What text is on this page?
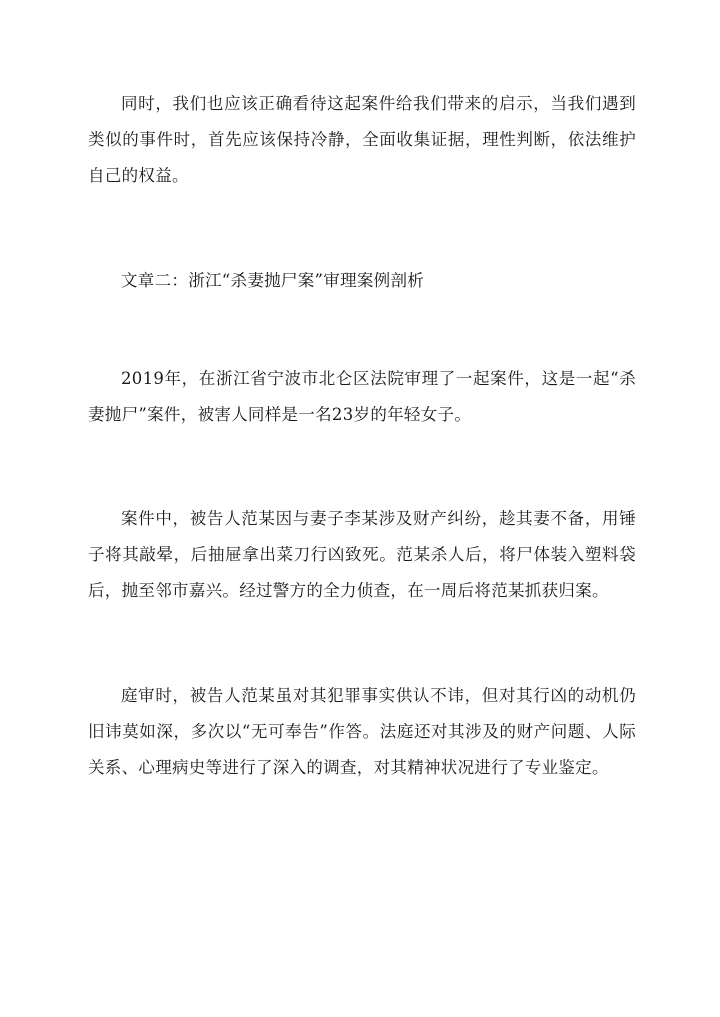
同时，我们也应该正确看待这起案件给我们带来的启示，当我们遇到类似的事件时，首先应该保持冷静，全面收集证据，理性判断，依法维护自己的权益。

文章二：浙江“杀妻抛尸案”审理案例剖析

2019年，在浙江省宁波市北仑区法院审理了一起案件，这是一起“杀妻抛尸”案件，被害人同样是一名23岁的年轻女子。

案件中，被告人范某因与妻子李某涉及财产纠纷，趁其妻不备，用锤子将其敲晕，后抽屉拿出菜刀行凶致死。范某杀人后，将尸体装入塑料袋后，抛至邻市嘉兴。经过警方的全力侦查，在一周后将范某抓获归案。

庭审时，被告人范某虽对其犯罪事实供认不讳，但对其行凶的动机仍旧讳莫如深，多次以“无可奉告”作答。法庭还对其涉及的财产问题、人际关系、心理病史等进行了深入的调查，对其精神状况进行了专业鉴定。
